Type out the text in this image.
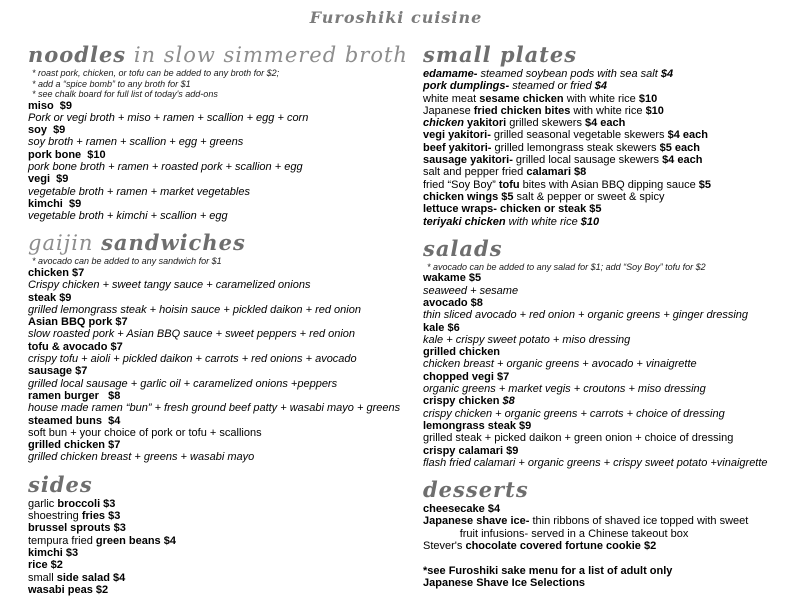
Furoshiki cuisine
noodles in slow simmered broth
* roast pork, chicken, or tofu can be added to any broth for $2;
* add a “spice bomb” to any broth for $1
* see chalk board for full list of today's add-ons
miso  $9
Pork or vegi broth + miso + ramen + scallion + egg + corn
soy  $9
soy broth + ramen + scallion + egg + greens
pork bone  $10
pork bone broth + ramen + roasted pork + scallion + egg
vegi  $9
vegetable broth + ramen + market vegetables
kimchi  $9
vegetable broth + kimchi + scallion + egg
gaijin sandwiches
* avocado can be added to any sandwich for $1
chicken $7
Crispy chicken + sweet tangy sauce + caramelized onions
steak $9
grilled lemongrass steak + hoisin sauce + pickled daikon + red onion
Asian BBQ pork $7
slow roasted pork + Asian BBQ sauce + sweet peppers + red onion
tofu & avocado $7
crispy tofu + aioli + pickled daikon + carrots + red onions + avocado
sausage $7
grilled local sausage + garlic oil + caramelized onions +peppers
ramen burger   $8
house made ramen “bun” + fresh ground beef patty + wasabi mayo + greens
steamed buns  $4
soft bun + your choice of pork or tofu + scallions
grilled chicken $7
grilled chicken breast + greens + wasabi mayo
sides
garlic broccoli $3
shoestring fries $3
brussel sprouts $3
tempura fried green beans $4
kimchi $3
rice $2
small side salad $4
wasabi peas $2
small plates
edamame- steamed soybean pods with sea salt $4
pork dumplings- steamed or fried $4
white meat sesame chicken with white rice $10
Japanese fried chicken bites with white rice $10
chicken yakitori grilled skewers $4 each
vegi yakitori- grilled seasonal vegetable skewers $4 each
beef yakitori- grilled lemongrass steak skewers $5 each
sausage yakitori- grilled local sausage skewers $4 each
salt and pepper fried calamari $8
fried “Soy Boy” tofu bites with Asian BBQ dipping sauce $5
chicken wings $5 salt & pepper or sweet & spicy
lettuce wraps- chicken or steak $5
teriyaki chicken with white rice $10
salads
* avocado can be added to any salad for $1; add “Soy Boy” tofu for $2
wakame $5
seaweed + sesame
avocado $8
thin sliced avocado + red onion + organic greens + ginger dressing
kale $6
kale + crispy sweet potato + miso dressing
grilled chicken
chicken breast + organic greens + avocado + vinaigrette
chopped vegi $7
organic greens + market vegis + croutons + miso dressing
crispy chicken $8
crispy chicken + organic greens + carrots + choice of dressing
lemongrass steak $9
grilled steak + picked daikon + green onion + choice of dressing
crispy calamari $9
flash fried calamari + organic greens + crispy sweet potato +vinaigrette
desserts
cheesecake $4
Japanese shave ice- thin ribbons of shaved ice topped with sweet
fruit infusions- served in a Chinese takeout box
Stever's chocolate covered fortune cookie $2
*see Furoshiki sake menu for a list of adult only
Japanese Shave Ice Selections
